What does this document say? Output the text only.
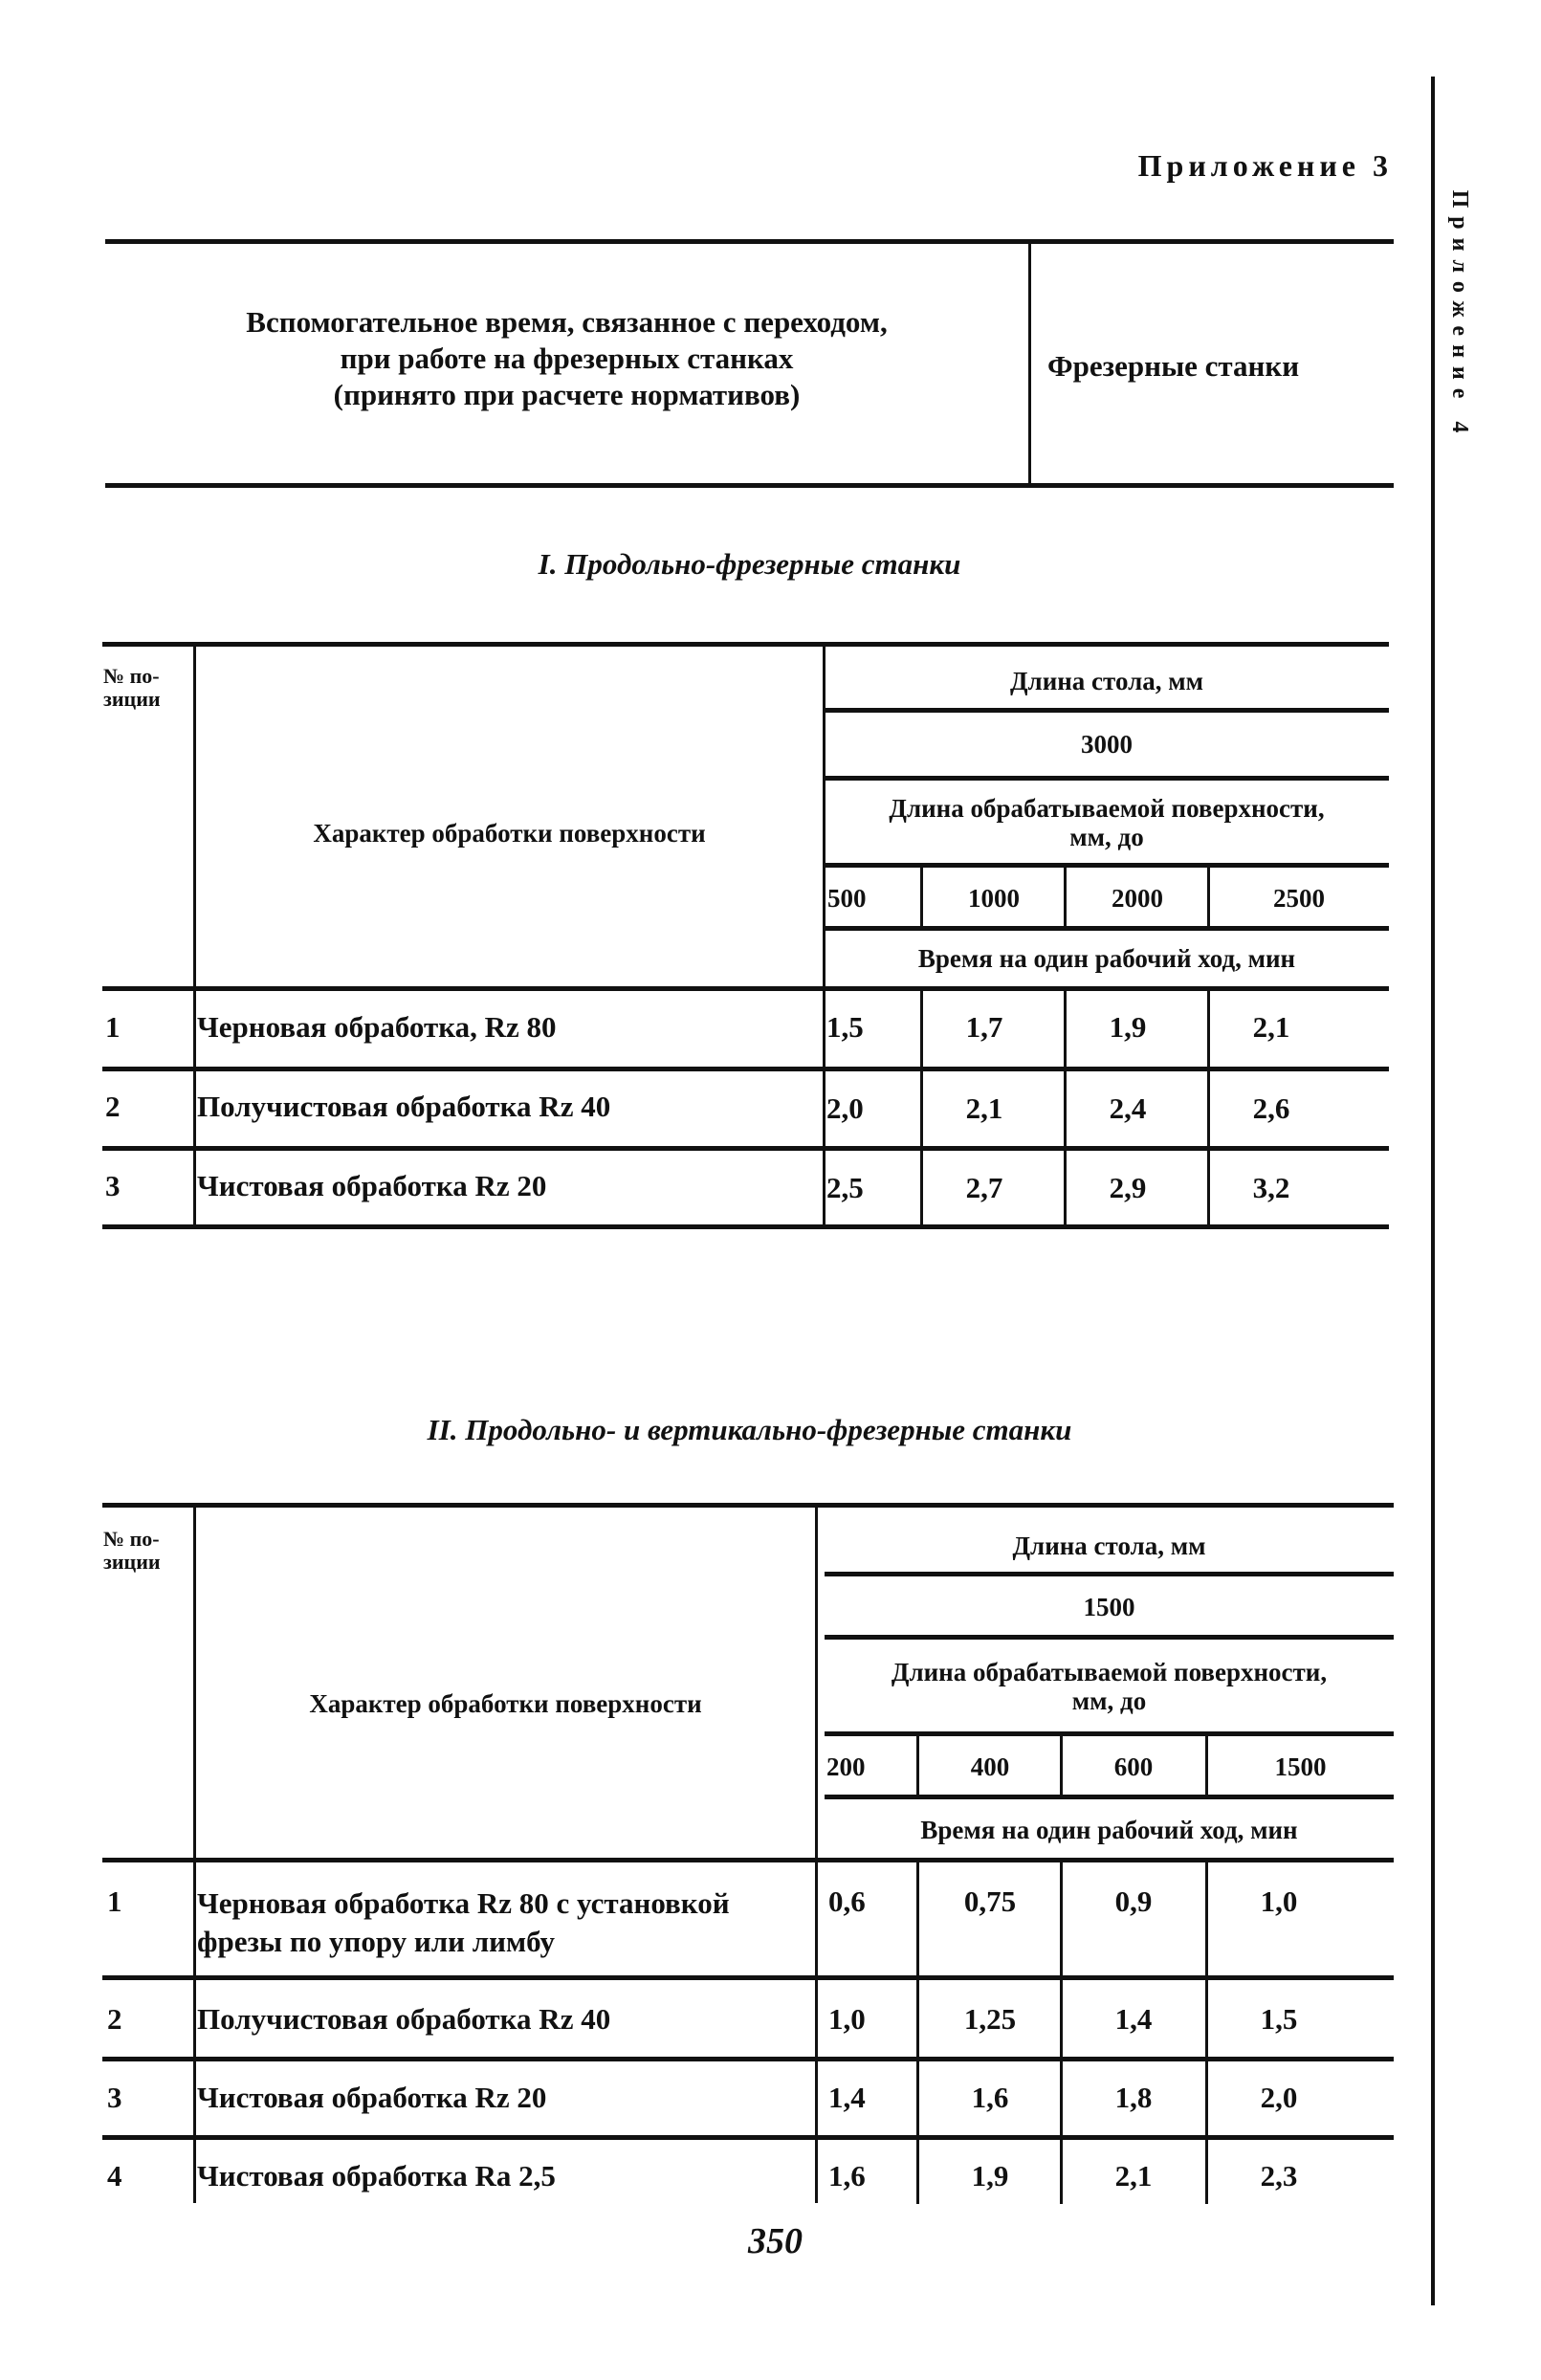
Приложение 3
Приложение 4
Вспомогательное время, связанное с переходом,
при работе на фрезерных станках
(принято при расчете нормативов)
Фрезерные станки
I. Продольно-фрезерные станки
№ по-
зиции
Характер обработки поверхности
Длина стола, мм
3000
Длина обрабатываемой поверхности,
мм, до
500	1000	2000	2500
Время на один рабочий ход, мин
1	Черновая обработка, Rz 80	1,5	1,7	1,9	2,1
2	Получистовая обработка Rz 40	2,0	2,1	2,4	2,6
3	Чистовая обработка Rz 20	2,5	2,7	2,9	3,2
II. Продольно- и вертикально-фрезерные станки
№ по-
зиции
Характер обработки поверхности
Длина стола, мм
1500
Длина обрабатываемой поверхности,
мм, до
200	400	600	1500
Время на один рабочий ход, мин
1	Черновая обработка Rz 80 с установкой
фрезы по упору или лимбу
0,6	0,75	0,9	1,0
2	Получистовая обработка Rz 40	1,0	1,25	1,4	1,5
3	Чистовая обработка Rz 20	1,4	1,6	1,8	2,0
4	Чистовая обработка Ra 2,5	1,6	1,9	2,1	2,3
350
